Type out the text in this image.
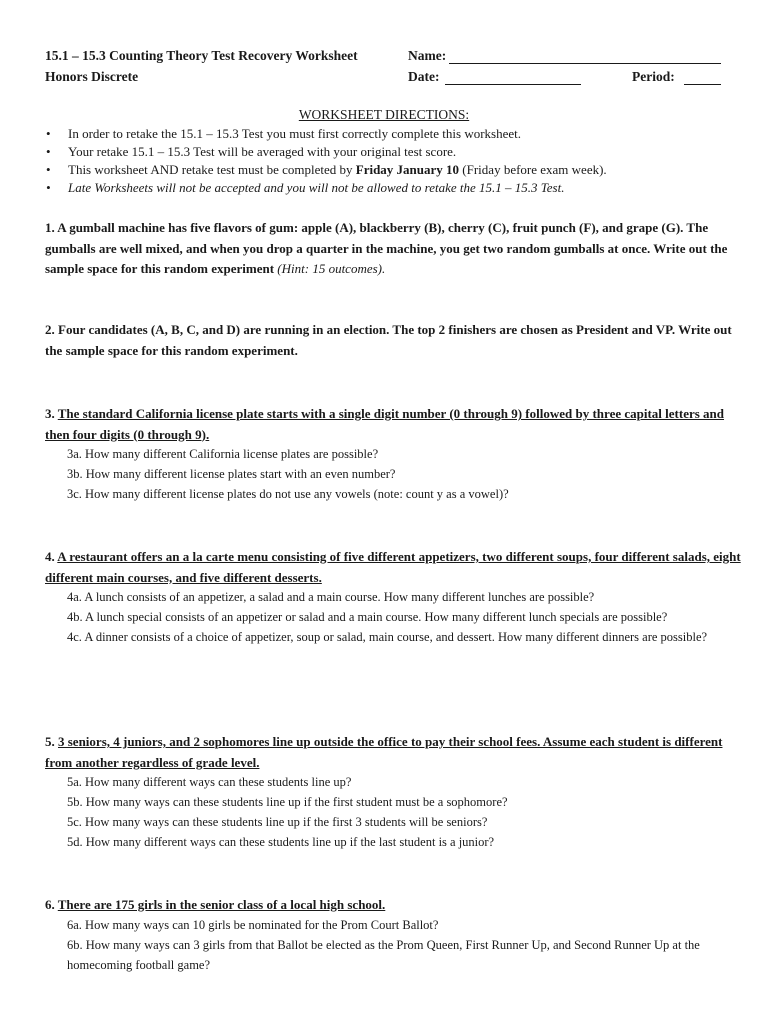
15.1 – 15.3 Counting Theory Test Recovery Worksheet
Honors Discrete
Name:
Date:	Period:
WORKSHEET DIRECTIONS:
• In order to retake the 15.1 – 15.3 Test you must first correctly complete this worksheet.
• Your retake 15.1 – 15.3 Test will be averaged with your original test score.
• This worksheet AND retake test must be completed by Friday January 10 (Friday before exam week).
• Late Worksheets will not be accepted and you will not be allowed to retake the 15.1 – 15.3 Test.
1. A gumball machine has five flavors of gum: apple (A), blackberry (B), cherry (C), fruit punch (F), and grape (G). The gumballs are well mixed, and when you drop a quarter in the machine, you get two random gumballs at once. Write out the sample space for this random experiment (Hint: 15 outcomes).
2. Four candidates (A, B, C, and D) are running in an election. The top 2 finishers are chosen as President and VP. Write out the sample space for this random experiment.
3. The standard California license plate starts with a single digit number (0 through 9) followed by three capital letters and then four digits (0 through 9).
3a. How many different California license plates are possible?
3b. How many different license plates start with an even number?
3c. How many different license plates do not use any vowels (note: count y as a vowel)?
4. A restaurant offers an a la carte menu consisting of five different appetizers, two different soups, four different salads, eight different main courses, and five different desserts.
4a. A lunch consists of an appetizer, a salad and a main course. How many different lunches are possible?
4b. A lunch special consists of an appetizer or salad and a main course. How many different lunch specials are possible?
4c. A dinner consists of a choice of appetizer, soup or salad, main course, and dessert. How many different dinners are possible?
5. 3 seniors, 4 juniors, and 2 sophomores line up outside the office to pay their school fees. Assume each student is different from another regardless of grade level.
5a. How many different ways can these students line up?
5b. How many ways can these students line up if the first student must be a sophomore?
5c. How many ways can these students line up if the first 3 students will be seniors?
5d. How many different ways can these students line up if the last student is a junior?
6. There are 175 girls in the senior class of a local high school.
6a. How many ways can 10 girls be nominated for the Prom Court Ballot?
6b. How many ways can 3 girls from that Ballot be elected as the Prom Queen, First Runner Up, and Second Runner Up at the homecoming football game?
